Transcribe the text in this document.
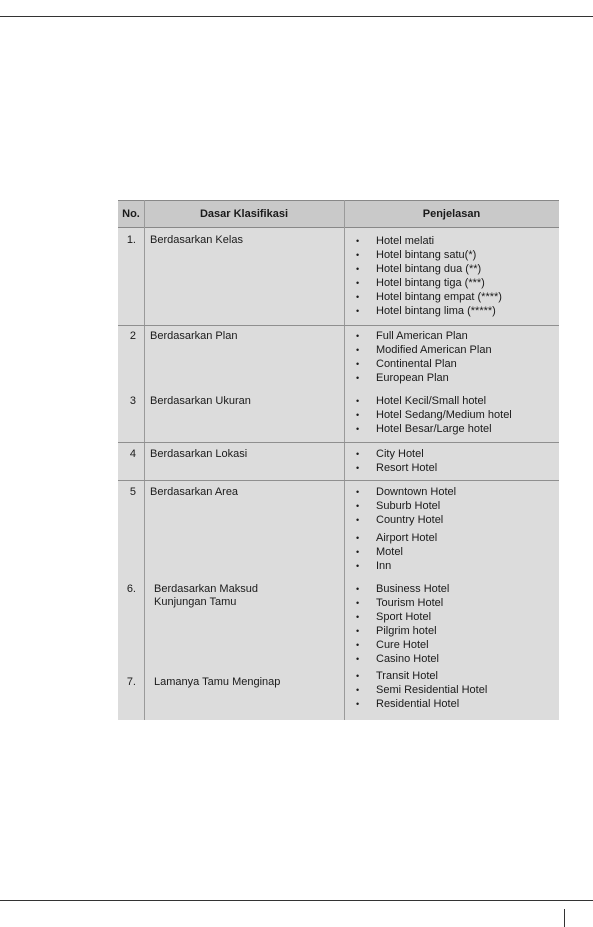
No.	Dasar Klasifikasi	Penjelasan
1. Berdasarkan Kelas	• Hotel melati
• Hotel bintang satu(*)
• Hotel bintang dua (**)
• Hotel bintang tiga (***)
• Hotel bintang empat (****)
• Hotel bintang lima (*****)
2 Berdasarkan Plan	• Full American Plan
• Modified American Plan
• Continental Plan
• European Plan
3 Berdasarkan Ukuran	• Hotel Kecil/Small hotel
• Hotel Sedang/Medium hotel
• Hotel Besar/Large hotel
4 Berdasarkan Lokasi	• City Hotel
• Resort Hotel
5 Berdasarkan Area	• Downtown Hotel
• Suburb Hotel
• Country Hotel
• Airport Hotel
• Motel
• Inn
6. Berdasarkan Maksud Kunjungan Tamu
• Business Hotel
• Tourism Hotel
• Sport Hotel
• Pilgrim hotel
• Cure Hotel
• Casino Hotel
7. Lamanya Tamu Menginap	• Transit Hotel
• Semi Residential Hotel
• Residential Hotel
